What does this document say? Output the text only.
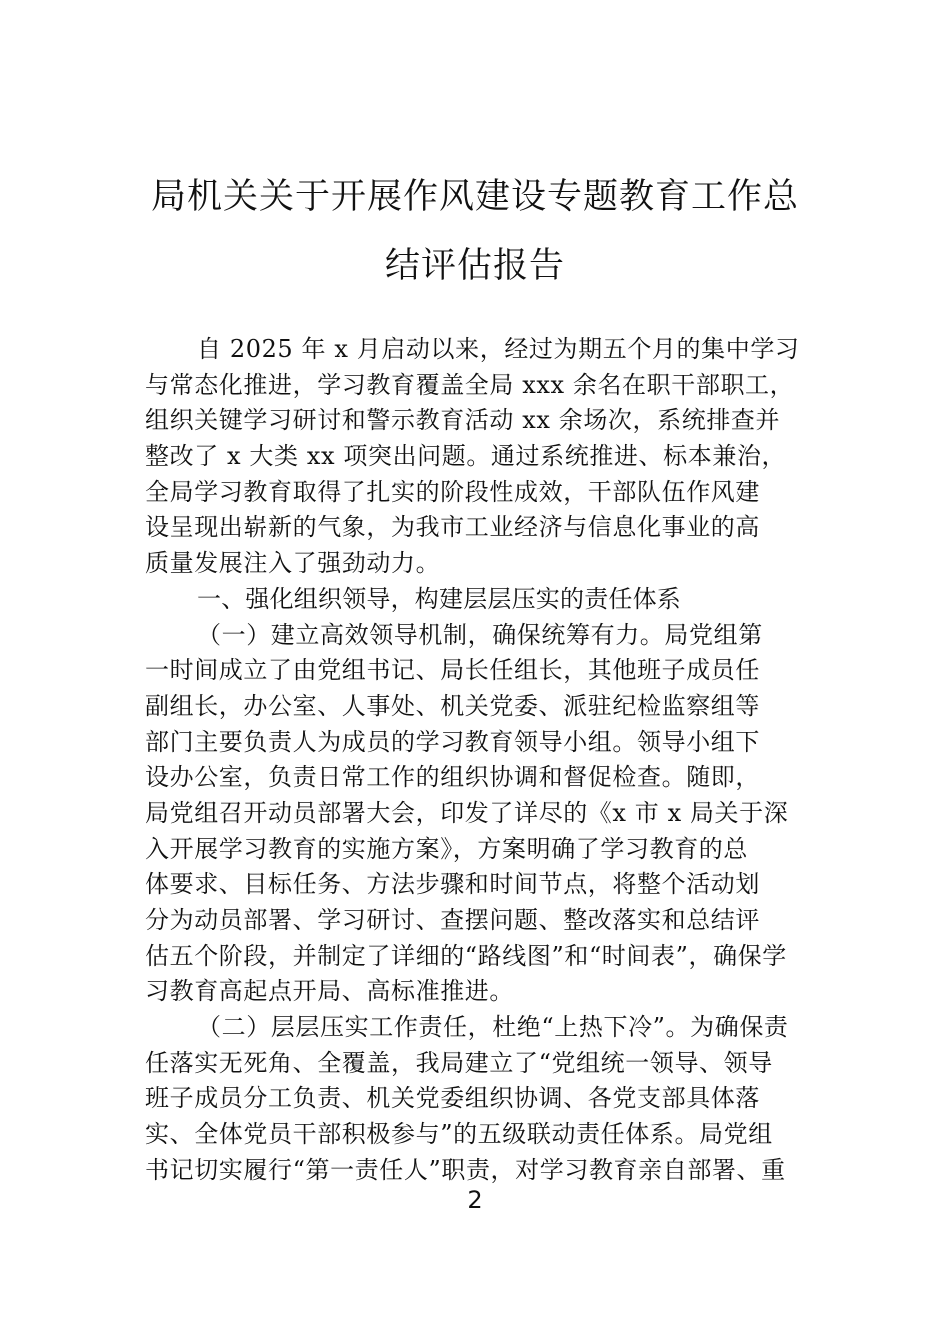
局机关关于开展作风建设专题教育工作总
结评估报告
自 2025 年 x 月启动以来，经过为期五个月的集中学习
与常态化推进，学习教育覆盖全局 xxx 余名在职干部职工，
组织关键学习研讨和警示教育活动 xx 余场次，系统排查并
整改了 x 大类 xx 项突出问题。通过系统推进、标本兼治，
全局学习教育取得了扎实的阶段性成效，干部队伍作风建
设呈现出崭新的气象，为我市工业经济与信息化事业的高
质量发展注入了强劲动力。
一、强化组织领导，构建层层压实的责任体系
（一）建立高效领导机制，确保统筹有力。局党组第
一时间成立了由党组书记、局长任组长，其他班子成员任
副组长，办公室、人事处、机关党委、派驻纪检监察组等
部门主要负责人为成员的学习教育领导小组。领导小组下
设办公室，负责日常工作的组织协调和督促检查。随即，
局党组召开动员部署大会，印发了详尽的《x 市 x 局关于深
入开展学习教育的实施方案》，方案明确了学习教育的总
体要求、目标任务、方法步骤和时间节点，将整个活动划
分为动员部署、学习研讨、查摆问题、整改落实和总结评
估五个阶段，并制定了详细的“路线图”和“时间表”，确保学
习教育高起点开局、高标准推进。
（二）层层压实工作责任，杜绝“上热下冷”。为确保责
任落实无死角、全覆盖，我局建立了“党组统一领导、领导
班子成员分工负责、机关党委组织协调、各党支部具体落
实、全体党员干部积极参与”的五级联动责任体系。局党组
书记切实履行“第一责任人”职责，对学习教育亲自部署、重
2
